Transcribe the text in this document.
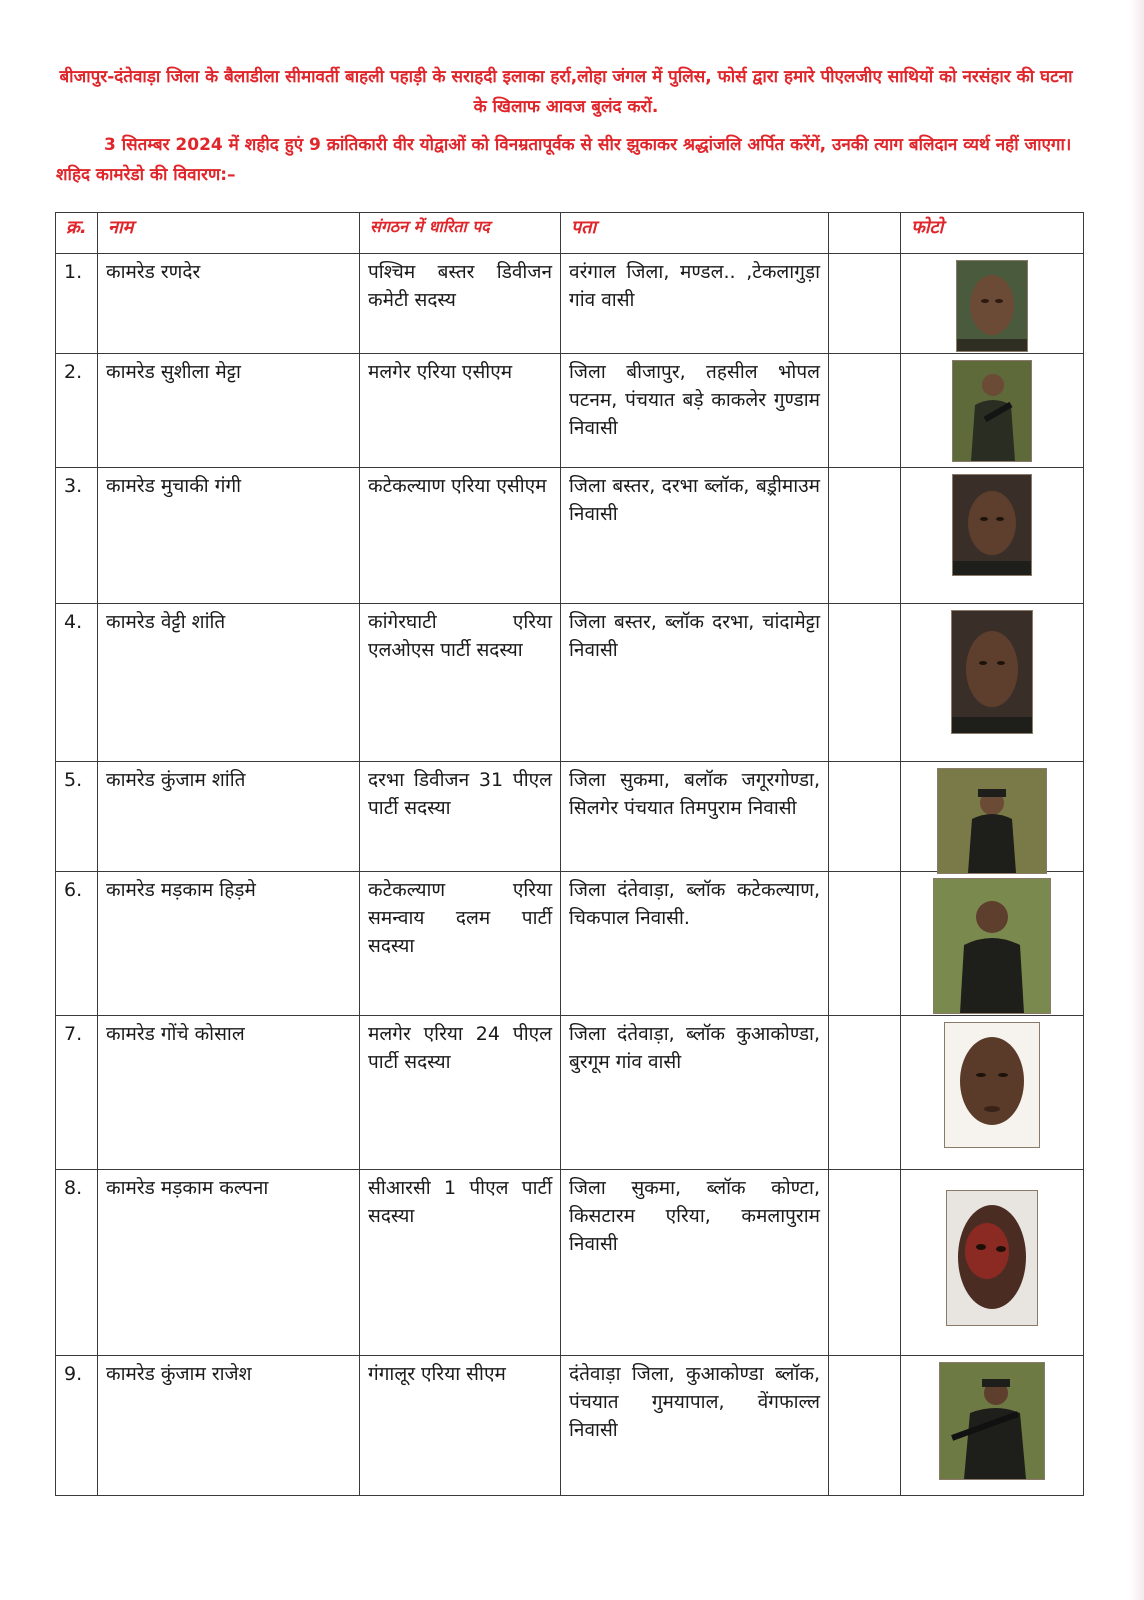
बीजापुर-दंतेवाड़ा जिला के बैलाडीला सीमावर्ती बाहली पहाड़ी के सराहदी इलाका हर्रा,लोहा जंगल में पुलिस, फोर्स द्वारा हमारे पीएलजीए साथियों को नरसंहार की घटना के खिलाफ आवज बुलंद करों.

3 सितम्बर 2024 में शहीद हुएं 9 क्रांतिकारी वीर योद्वाओं को विनम्रतापूर्वक से सीर झुकाकर श्रद्धांजलि अर्पित करेंगें, उनकी त्याग बलिदान व्यर्थ नहीं जाएगा। शहिद कामरेडो की विवारण:–

क्र.	नाम	संगठन में धारिता पद	पता		फोटो
1.	कामरेड रणदेर	पश्चिम बस्तर डिवीजन कमेटी सदस्य	वरंगाल जिला, मण्डल.. ,टेकलागुड़ा गांव वासी		

2.	कामरेड सुशीला मेट्टा	मलगेर एरिया एसीएम	जिला बीजापुर, तहसील भोपल पटनम, पंचयात बड़े काकलेर गुण्डाम निवासी		

3.	कामरेड मुचाकी गंगी	कटेकल्याण एरिया एसीएम	जिला बस्तर, दरभा ब्लॉक, बड़्रीमाउम निवासी		

4.	कामरेड वेट्टी शांति	कांगेरघाटी एरिया एलओएस पार्टी सदस्या	जिला बस्तर, ब्लॉक दरभा, चांदामेट्टा निवासी		

5.	कामरेड कुंजाम शांति	दरभा डिवीजन 31 पीएल पार्टी सदस्या	जिला सुकमा, बलॉक जगूरगोण्डा, सिलगेर पंचयात तिमपुराम निवासी		

6.	कामरेड मड़काम हिड़मे	कटेकल्याण एरिया समन्वाय दलम पार्टी सदस्या	जिला दंतेवाड़ा, ब्लॉक कटेकल्याण, चिकपाल निवासी.		

7.	कामरेड गोंचे कोसाल	मलगेर एरिया 24 पीएल पार्टी सदस्या	जिला दंतेवाड़ा, ब्लॉक कुआकोण्डा, बुरगूम गांव वासी		

8.	कामरेड मड़काम कल्पना	सीआरसी 1 पीएल पार्टी सदस्या	जिला सुकमा, ब्लॉक कोण्टा, किसटारम एरिया, कमलापुराम निवासी		

9.	कामरेड कुंजाम राजेश	गंगालूर एरिया सीएम	दंतेवाड़ा जिला, कुआकोण्डा ब्लॉक, पंचयात गुमयापाल, वेंगफाल्ल निवासी		
